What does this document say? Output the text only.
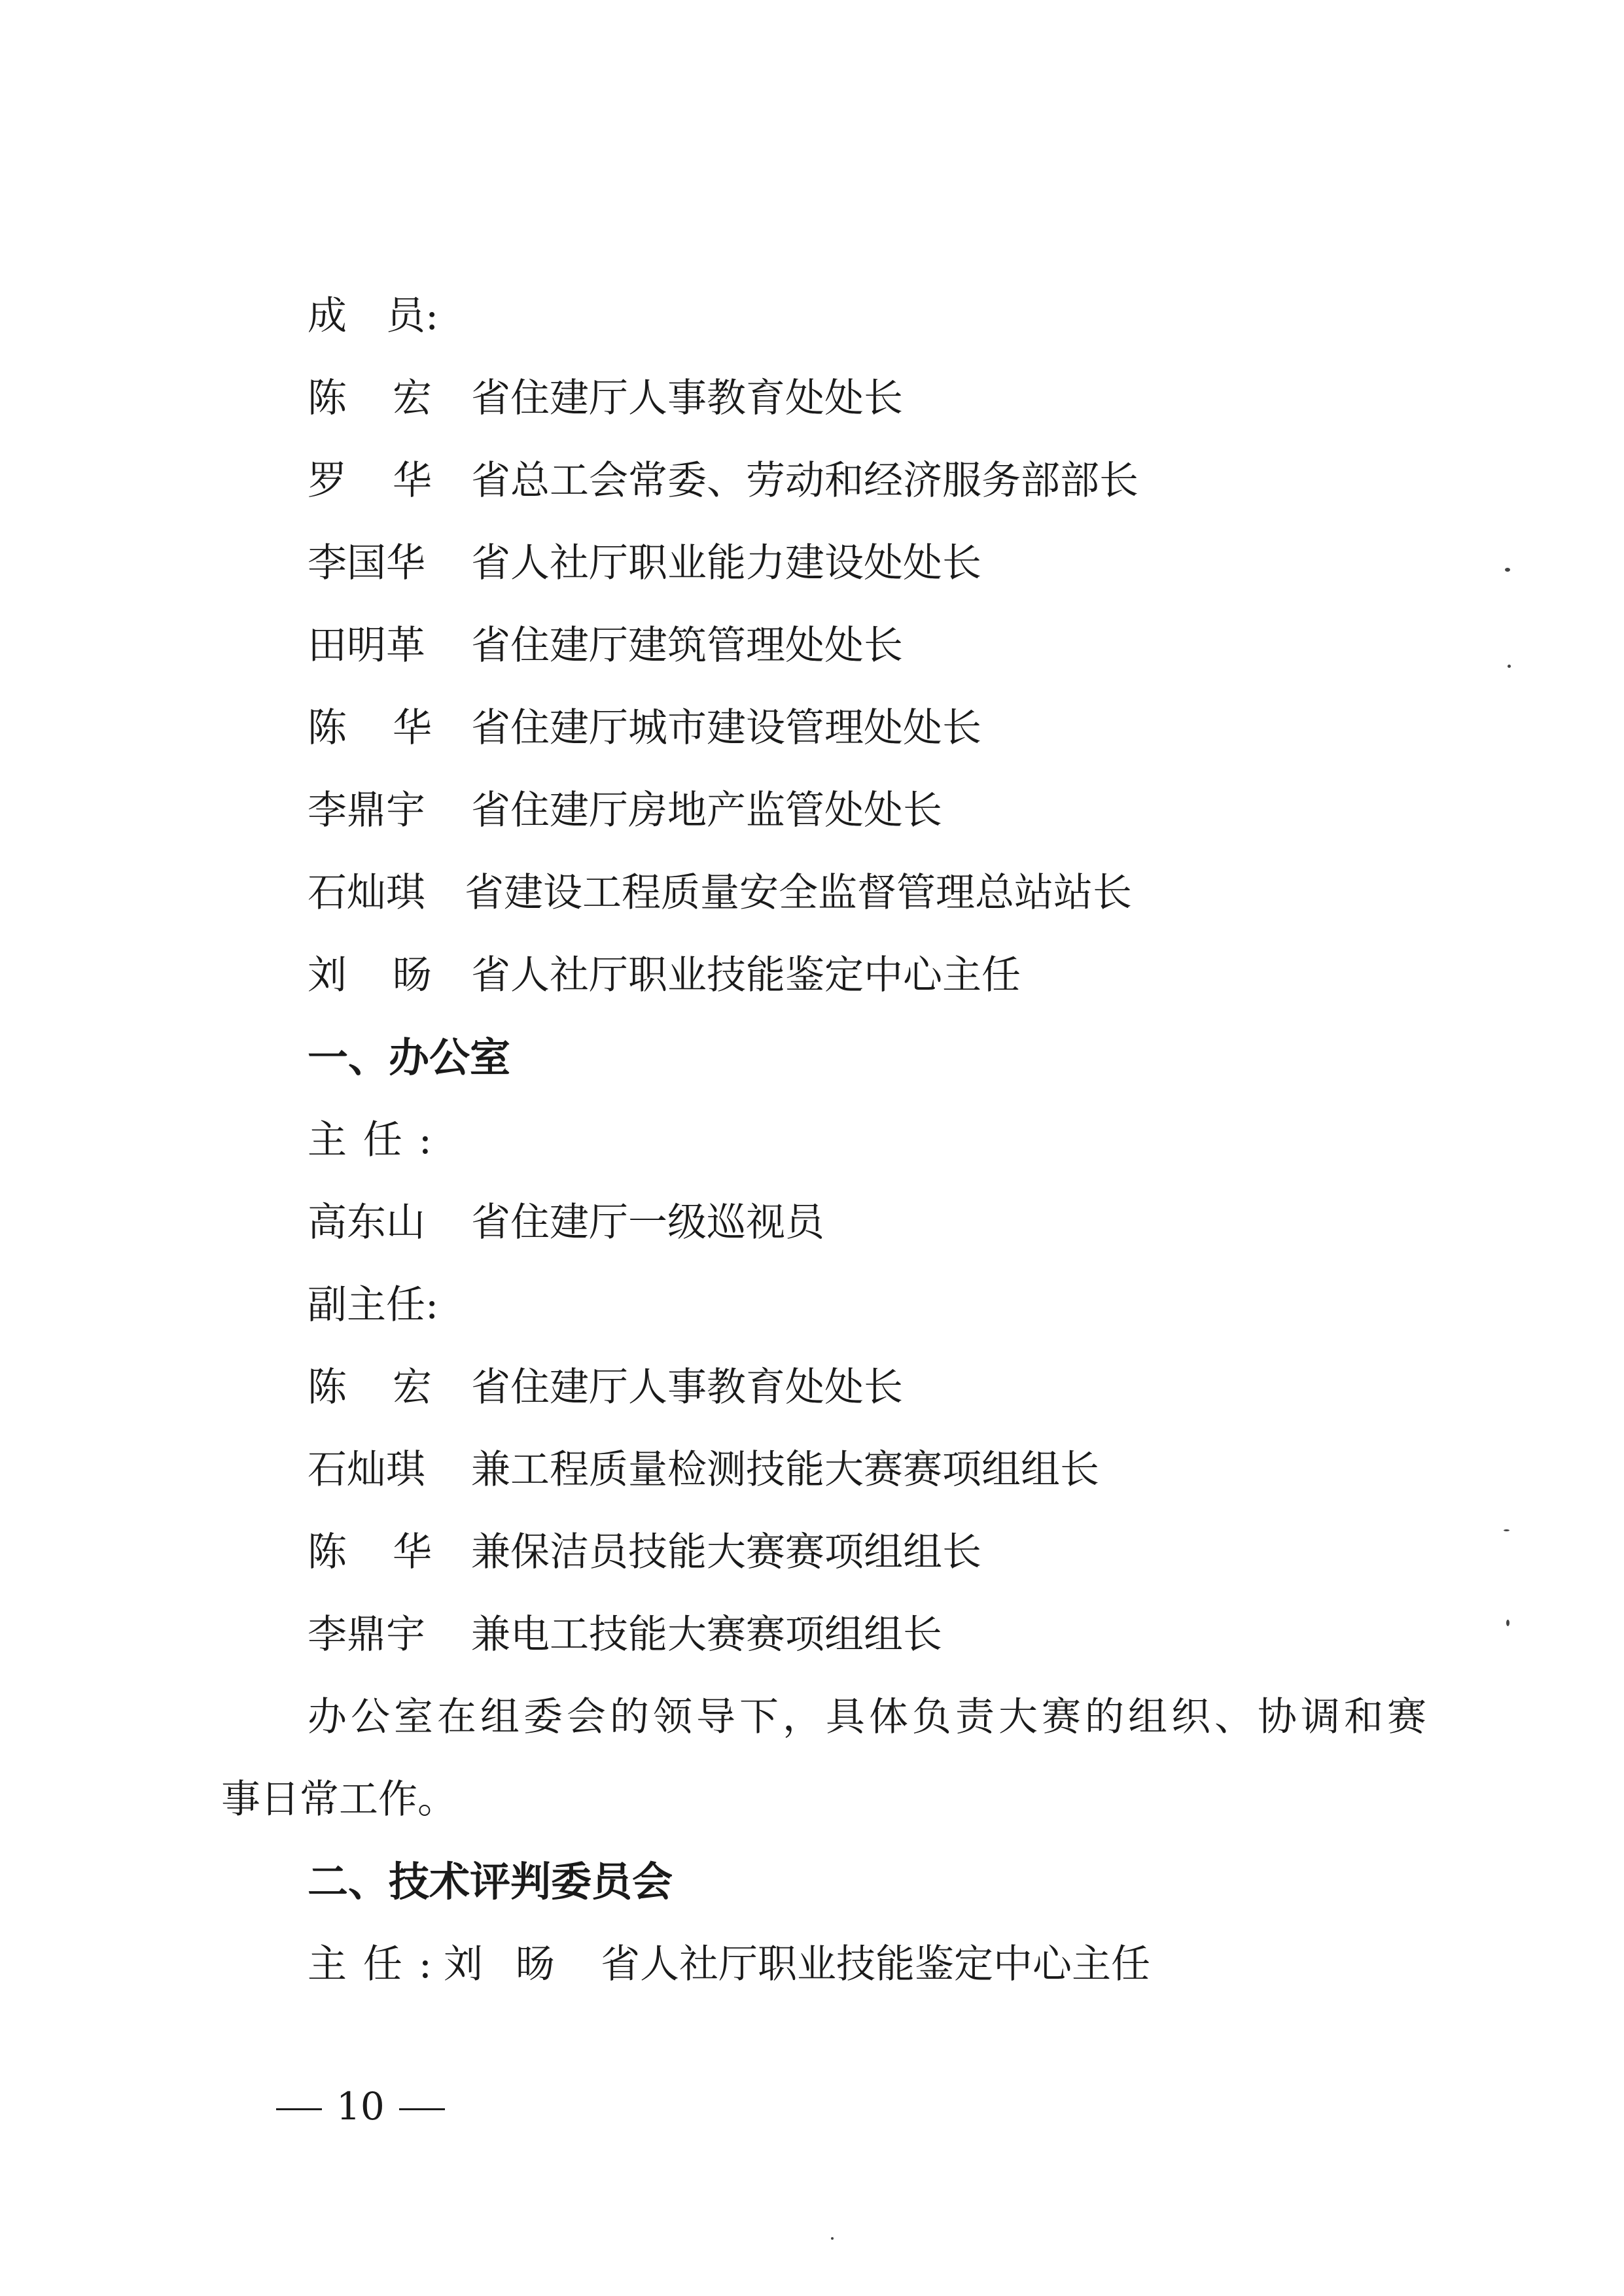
成　员:
陈宏 省住建厅人事教育处处长
罗华 省总工会常委、劳动和经济服务部部长
李国华 省人社厅职业能力建设处处长
田明革 省住建厅建筑管理处处长
陈华 省住建厅城市建设管理处处长
李鼎宇 省住建厅房地产监管处处长
石灿琪 省建设工程质量安全监督管理总站站长
刘旸 省人社厅职业技能鉴定中心主任
一、办公室
主任:
高东山 省住建厅一级巡视员
副主任:
陈宏 省住建厅人事教育处处长
石灿琪 兼工程质量检测技能大赛赛项组组长
陈华 兼保洁员技能大赛赛项组组长
李鼎宇 兼电工技能大赛赛项组组长
办公室在组委会的领导下，具体负责大赛的组织、协调和赛
事日常工作。
二、技术评判委员会
主任: 刘旸 省人社厅职业技能鉴定中心主任
10
